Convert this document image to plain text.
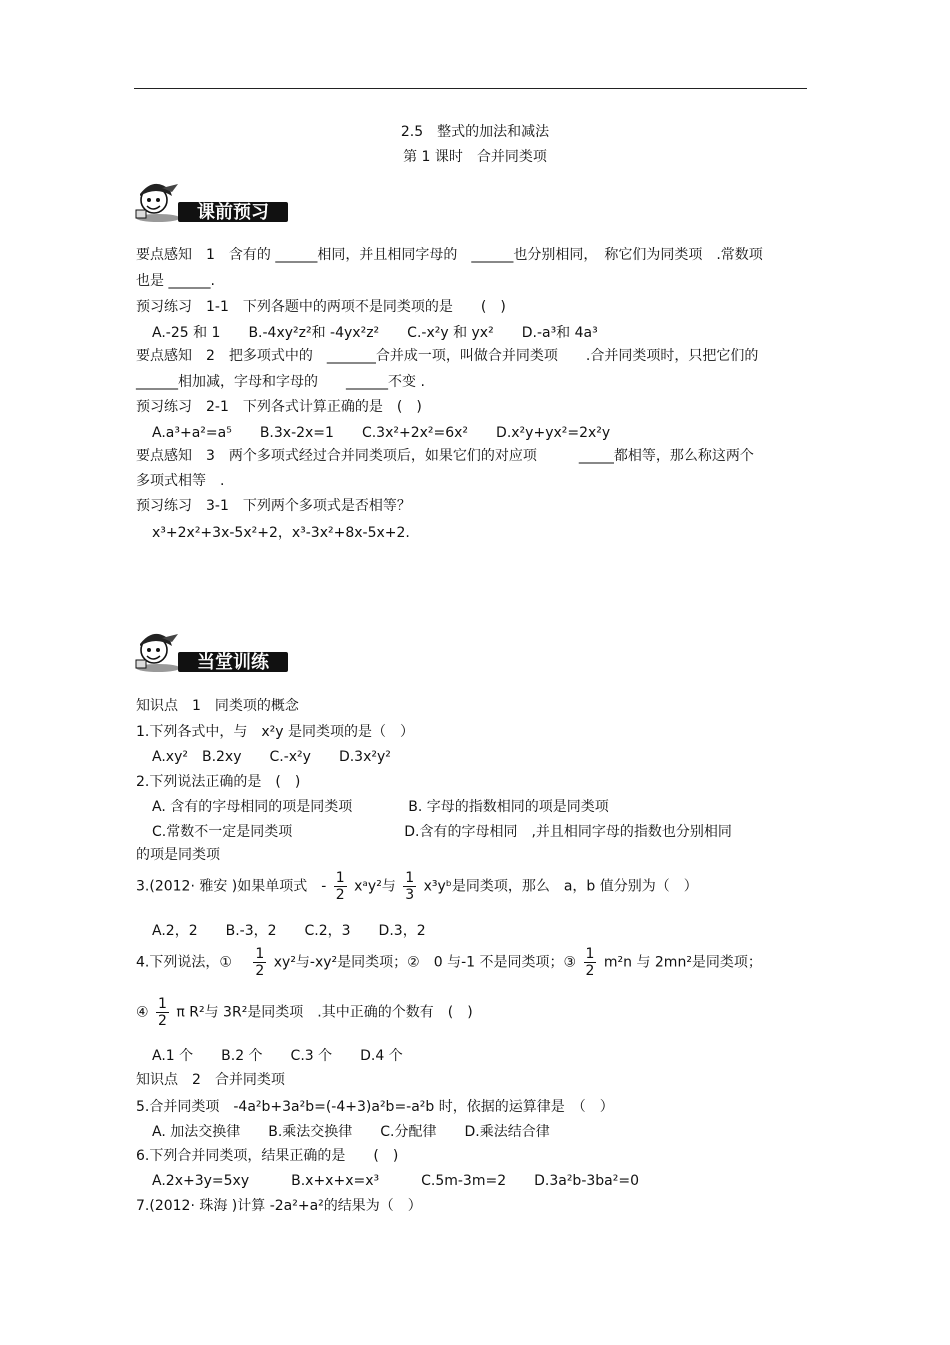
2.5　整式的加法和减法
第 1 课时　合并同类项
课前预习
要点感知　1　含有的 ______相同，并且相同字母的　______也分别相同，　称它们为同类项　.常数项
也是 ______.
预习练习　1-1　下列各题中的两项不是同类项的是　　(　)
A.-25 和 1　　B.-4xy²z²和 -4yx²z²　　C.-x²y 和 yx²　　D.-a³和 4a³
要点感知　2　把多项式中的　_______合并成一项，叫做合并同类项　　.合并同类项时，只把它们的
______相加减，字母和字母的　　______不变 .
预习练习　2-1　下列各式计算正确的是　(　)
A.a³+a²=a⁵　　B.3x-2x=1　　C.3x²+2x²=6x²　　D.x²y+yx²=2x²y
要点感知　3　两个多项式经过合并同类项后，如果它们的对应项　　　_____都相等，那么称这两个
多项式相等　.
预习练习　3-1　下列两个多项式是否相等？
x³+2x²+3x-5x²+2，x³-3x²+8x-5x+2.
当堂训练
知识点　1　同类项的概念
1.下列各式中，与　x²y 是同类项的是（　）
A.xy²　B.2xy　　C.-x²y　　D.3x²y²
2.下列说法正确的是　(　)
A. 含有的字母相同的项是同类项　　　　B. 字母的指数相同的项是同类项
C.常数不一定是同类项　　　　　　　　D.含有的字母相同　,并且相同字母的指数也分别相同
的项是同类项
3.(2012· 雅安 )如果单项式　- $\frac{1}{2}$ xᵃy²与 $\frac{1}{3}$ x³yᵇ是同类项，那么　a，b 值分别为（　）
A.2，2　　B.-3，2　　C.2，3　　D.3，2
4.下列说法，①　 $\frac{1}{2} xy^2$与-xy²是同类项；②　0 与-1 不是同类项；③ $\frac{1}{2} m^2n$ 与 2mn²是同类项；
④ $\frac{1}{2}$ π R²与 3R²是同类项　.其中正确的个数有　(　)
A.1 个　　B.2 个　　C.3 个　　D.4 个
知识点　2　合并同类项
5.合并同类项　-4a²b+3a²b=(-4+3)a²b=-a²b 时，依据的运算律是　（　）
A. 加法交换律　　B.乘法交换律　　C.分配律　　D.乘法结合律
6.下列合并同类项，结果正确的是　　(　)
A.2x+3y=5xy　　　B.x+x+x=x³　　　C.5m-3m=2　　D.3a²b-3ba²=0
7.(2012· 珠海 )计算 -2a²+a²的结果为（　）
